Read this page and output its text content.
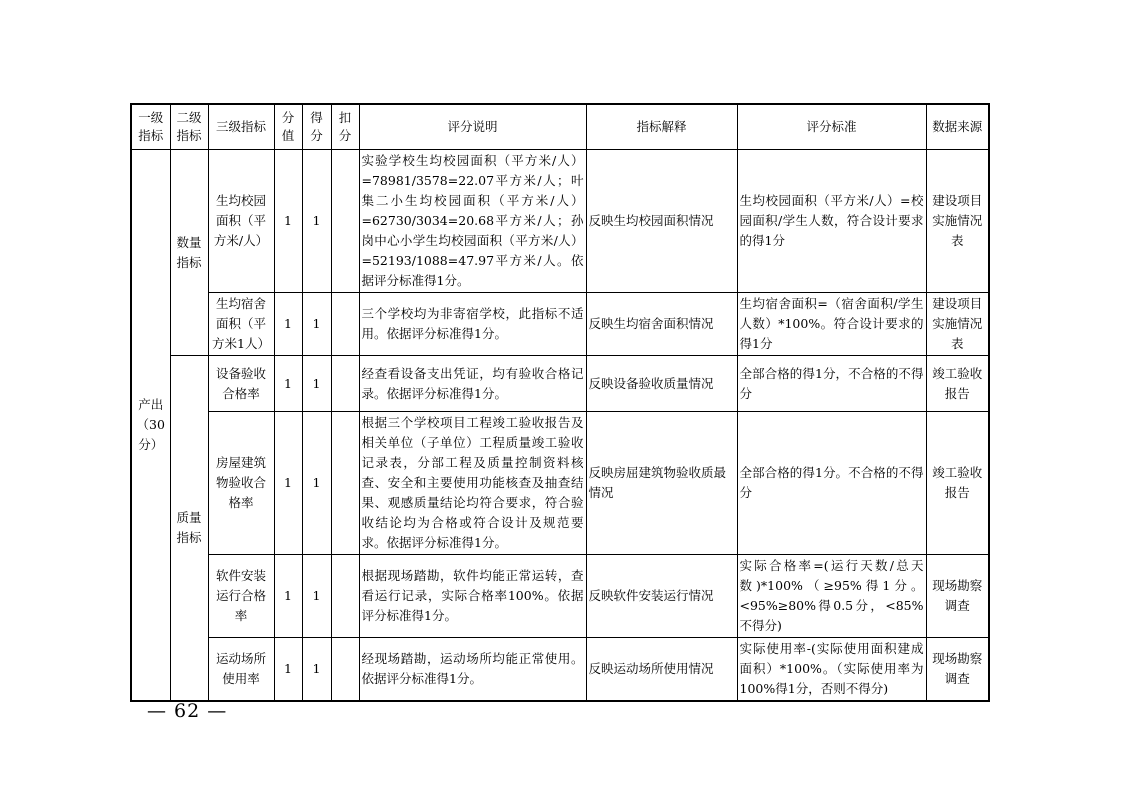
一级指标	二级指标	三级指标	分值	得分	扣分	评分说明	指标解释	评分标准	数据来源
产出（30分）	数量指标	生均校园面积（平方米/人）	1	1		实验学校生均校园面积（平方米/人）=78981/3578=22.07平方米/人；叶集二小生均校园面积（平方米/人）=62730/3034=20.68平方米/人；孙岗中心小学生均校园面积（平方米/人）=52193/1088=47.97平方米/人。依据评分标准得1分。	反映生均校园面积情况	生均校园面积（平方米/人）=校园面积/学生人数，符合设计要求的得1分	建设项目实施情况表
		生均宿舍面积（平方米1人）	1	1		三个学校均为非寄宿学校，此指标不适用。依据评分标准得1分。	反映生均宿舍面积情况	生均宿舍面积=（宿舍面积/学生人数）*100%。符合设计要求的得1分	建设项目实施情况表
	质量指标	设备验收合格率	1	1		经查看设备支出凭证，均有验收合格记录。依据评分标准得1分。	反映设备验收质量情况	全部合格的得1分，不合格的不得分	竣工验收报告
		房屋建筑物验收合格率	1	1		根据三个学校项目工程竣工验收报告及相关单位（子单位）工程质量竣工验收记录表，分部工程及质量控制资料核查、安全和主要使用功能核查及抽查结果、观感质量结论均符合要求，符合验收结论均为合格或符合设计及规范要求。依据评分标准得1分。	反映房屈建筑物验收质最情况	全部合格的得1分。不合格的不得分	竣工验收报告
		软件安装运行合格率	1	1		根据现场踏勘，软件均能正常运转，查看运行记录，实际合格率100%。依据评分标准得1分。	反映软件安装运行情况	实际合格率=(运行天数/总天数)*100%（≥95%得1分。<95%≥80%得0.5分，<85%不得分)	现场勘察调查
		运动场所使用率	1	1		经现场踏勘，运动场所均能正常使用。依据评分标准得1分。	反映运动场所使用情况	实际使用率-(实际使用面积建成面积）*100%。（实际使用率为100%得1分，否则不得分)	现场勘察调查
— 62 —
